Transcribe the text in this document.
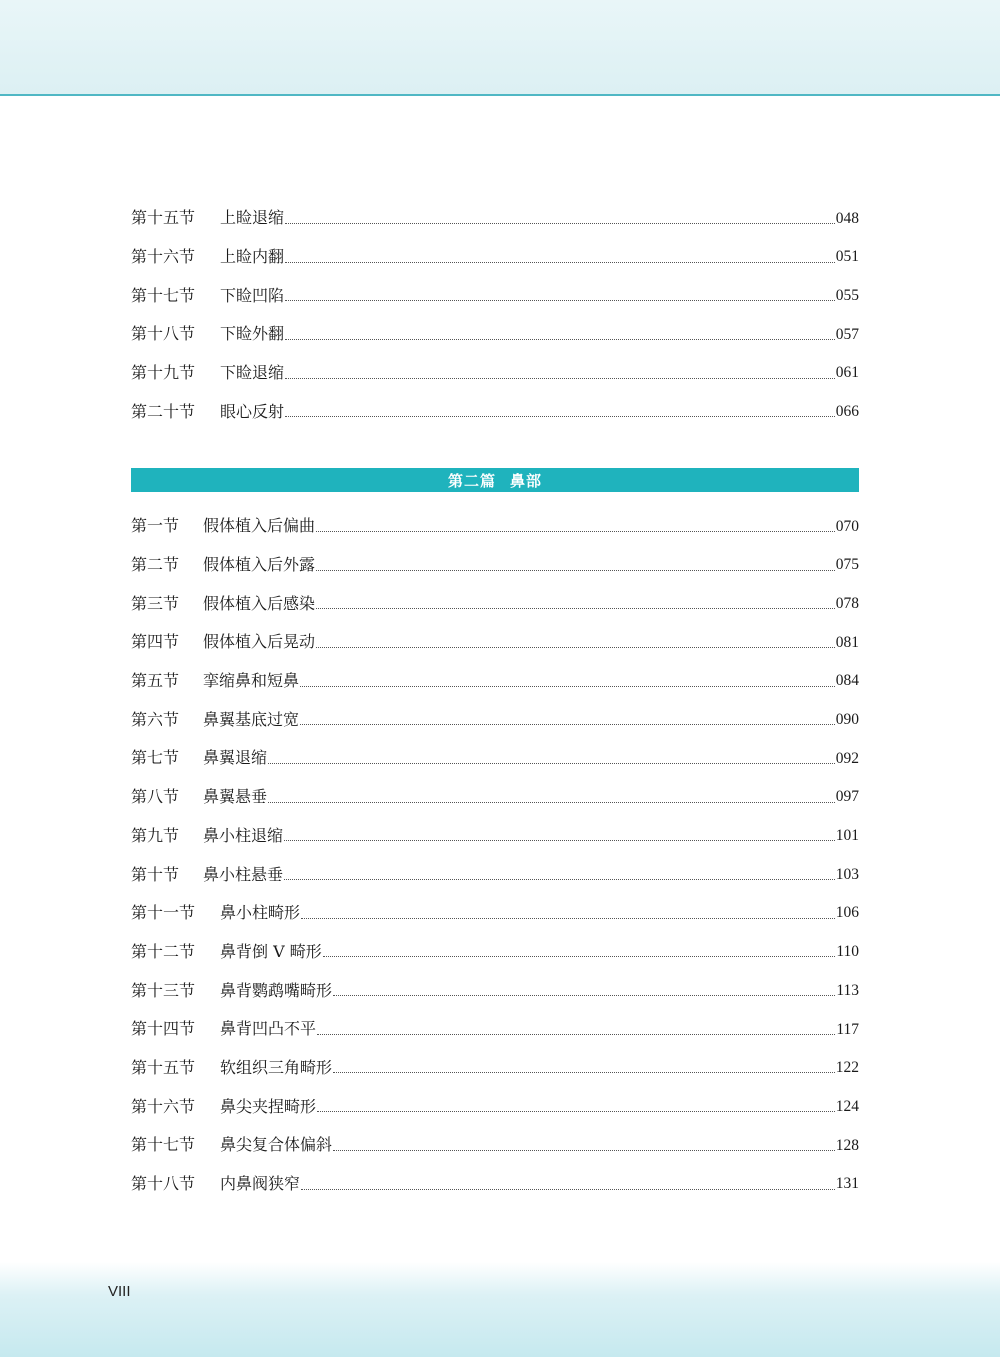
第十五节	上睑退缩	048
第十六节	上睑内翻	051
第十七节	下睑凹陷	055
第十八节	下睑外翻	057
第十九节	下睑退缩	061
第二十节	眼心反射	066
第二篇 鼻部
第一节	假体植入后偏曲	070
第二节	假体植入后外露	075
第三节	假体植入后感染	078
第四节	假体植入后晃动	081
第五节	挛缩鼻和短鼻	084
第六节	鼻翼基底过宽	090
第七节	鼻翼退缩	092
第八节	鼻翼悬垂	097
第九节	鼻小柱退缩	101
第十节	鼻小柱悬垂	103
第十一节	鼻小柱畸形	106
第十二节	鼻背倒 V 畸形	110
第十三节	鼻背鹦鹉嘴畸形	113
第十四节	鼻背凹凸不平	117
第十五节	软组织三角畸形	122
第十六节	鼻尖夹捏畸形	124
第十七节	鼻尖复合体偏斜	128
第十八节	内鼻阀狭窄	131
VIII
